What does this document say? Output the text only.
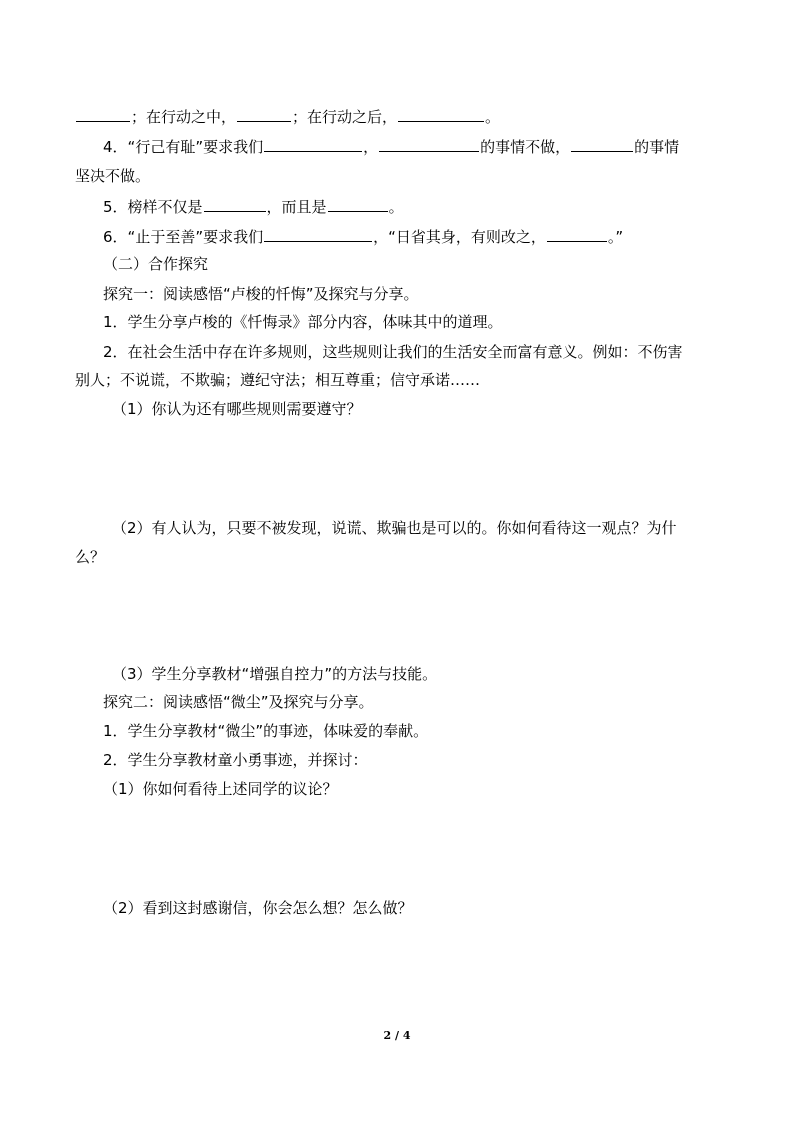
；在行动之中，	；在行动之后，	。
4．“行己有耻”要求我们	，	的事情不做，	的事情
坚决不做。
5．榜样不仅是	，而且是	。
6．“止于至善”要求我们	，“日省其身，有则改之，	。”
（二）合作探究
探究一：阅读感悟“卢梭的忏悔”及探究与分享。
1．学生分享卢梭的《忏悔录》部分内容，体味其中的道理。
2．在社会生活中存在许多规则，这些规则让我们的生活安全而富有意义。例如：不伤害
别人；不说谎，不欺骗；遵纪守法；相互尊重；信守承诺……
（1）你认为还有哪些规则需要遵守？
（2）有人认为，只要不被发现，说谎、欺骗也是可以的。你如何看待这一观点？为什
么？
（3）学生分享教材“增强自控力”的方法与技能。
探究二：阅读感悟“微尘”及探究与分享。
1．学生分享教材“微尘”的事迹，体味爱的奉献。
2．学生分享教材童小勇事迹，并探讨：
（1）你如何看待上述同学的议论？
（2）看到这封感谢信，你会怎么想？怎么做？
2 / 4
